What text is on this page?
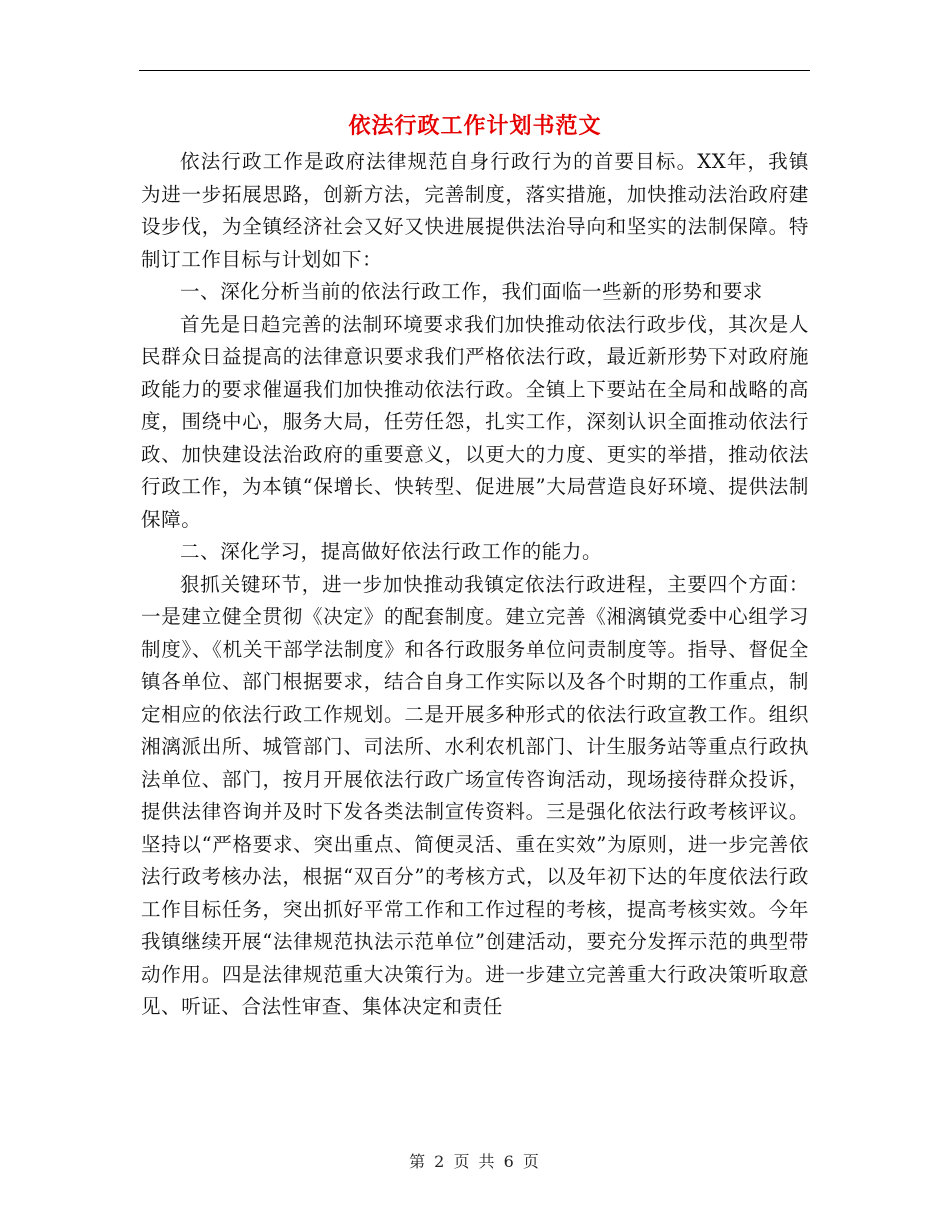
依法行政工作计划书范文

依法行政工作是政府法律规范自身行政行为的首要目标。XX年，我镇为进一步拓展思路，创新方法，完善制度，落实措施，加快推动法治政府建设步伐，为全镇经济社会又好又快进展提供法治导向和坚实的法制保障。特制订工作目标与计划如下：

一、深化分析当前的依法行政工作，我们面临一些新的形势和要求

首先是日趋完善的法制环境要求我们加快推动依法行政步伐，其次是人民群众日益提高的法律意识要求我们严格依法行政，最近新形势下对政府施政能力的要求催逼我们加快推动依法行政。全镇上下要站在全局和战略的高度，围绕中心，服务大局，任劳任怨，扎实工作，深刻认识全面推动依法行政、加快建设法治政府的重要意义，以更大的力度、更实的举措，推动依法行政工作，为本镇“保增长、快转型、促进展”大局营造良好环境、提供法制保障。

二、深化学习，提高做好依法行政工作的能力。

狠抓关键环节，进一步加快推动我镇定依法行政进程，主要四个方面：一是建立健全贯彻《决定》的配套制度。建立完善《湘漓镇党委中心组学习制度》、《机关干部学法制度》和各行政服务单位问责制度等。指导、督促全镇各单位、部门根据要求，结合自身工作实际以及各个时期的工作重点，制定相应的依法行政工作规划。二是开展多种形式的依法行政宣教工作。组织湘漓派出所、城管部门、司法所、水利农机部门、计生服务站等重点行政执法单位、部门，按月开展依法行政广场宣传咨询活动，现场接待群众投诉，提供法律咨询并及时下发各类法制宣传资料。三是强化依法行政考核评议。坚持以“严格要求、突出重点、简便灵活、重在实效”为原则，进一步完善依法行政考核办法，根据“双百分”的考核方式，以及年初下达的年度依法行政工作目标任务，突出抓好平常工作和工作过程的考核，提高考核实效。今年我镇继续开展“法律规范执法示范单位”创建活动，要充分发挥示范的典型带动作用。四是法律规范重大决策行为。进一步建立完善重大行政决策听取意见、听证、合法性审查、集体决定和责任

第 2 页 共 6 页
